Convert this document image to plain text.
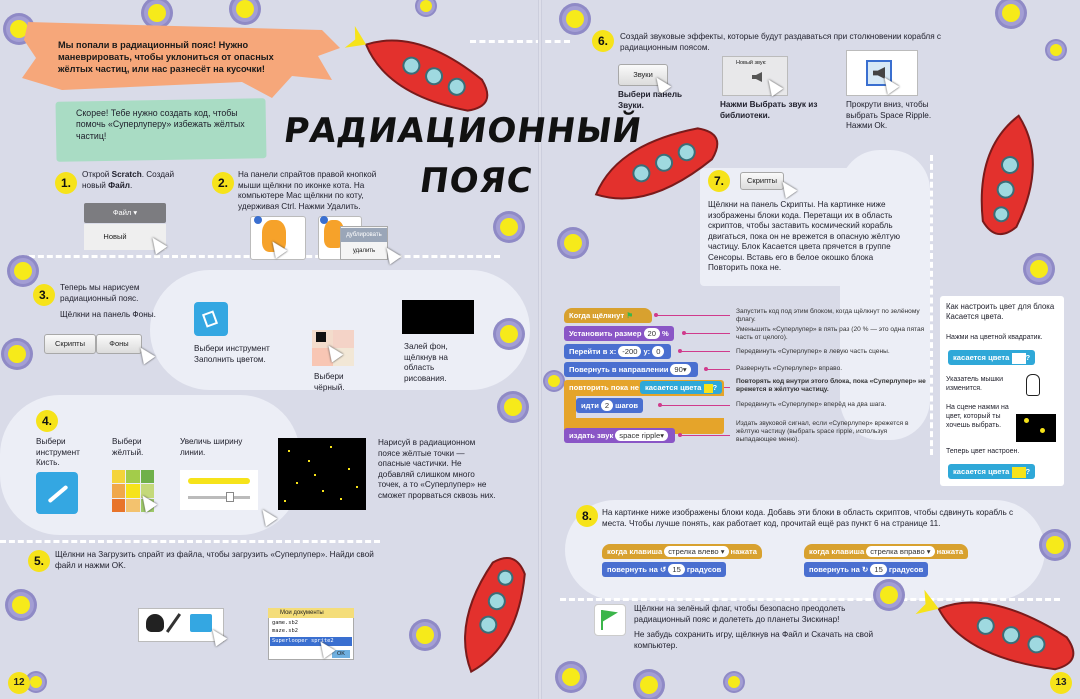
Мы попали в радиационный пояс! Нужно маневрировать, чтобы уклониться от опасных жёлтых частиц, или нас разнесёт на кусочки!
Скорее! Тебе нужно создать код, чтобы помочь «Суперлуперу» избежать жёлтых частиц!	РАДИАЦИОННЫЙ
ПОЯС
1.
Открой Scratch. Создай новый Файл.
Файл ▾
Новый
2.
На панели спрайтов правой кнопкой мыши щёлкни по иконке кота. На компьютере Mac щёлкни по коту, удерживая Ctrl. Нажми Удалить.
дублировать
удалить
3.
Теперь мы нарисуем радиационный пояс.
Щёлкни на панель Фоны.
Скрипты	Фоны
Выбери инструмент Заполнить цветом.
Выбери чёрный.
Залей фон, щёлкнув на область рисования.
4.
Выбери инструмент Кисть.
Выбери жёлтый.
Увеличь ширину линии.
Нарисуй в радиационном поясе жёлтые точки — опасные частички. Не добавляй слишком много точек, а то «Суперлупер» не сможет прорваться сквозь них.
5.	Щёлкни на Загрузить спрайт из файла, чтобы загрузить «Суперлупер». Найди свой файл и нажми OK.
Мои документы
game.sb2
maze.sb2
Superlooper sprite2
OK
12
6.	Создай звуковые эффекты, которые будут раздаваться при столкновении корабля с радиационным поясом.
Звуки
Выбери панель Звуки.
Новый звук:
Нажми Выбрать звук из библиотеки.
Прокрути вниз, чтобы выбрать Space Ripple. Нажми Ok.
7.	Скрипты
Щёлкни на панель Скрипты. На картинке ниже изображены блоки кода. Перетащи их в область скриптов, чтобы заставить космический корабль двигаться, пока он не врежется в опасную жёлтую частицу. Блок Касается цвета прячется в группе Сенсоры. Вставь его в белое окошко блока Повторить пока не.
Когда щёлкнут ⚑
Установить размер 20 %
Перейти в x: -200 y: 0
Повернуть в направлении 90▾
повторить пока не касается цвета ?
идти 2 шагов
издать звук space ripple▾
Запустить код под этим блоком, когда щёлкнут по зелёному флагу.
Уменьшить «Суперлупер» в пять раз (20 % — это одна пятая часть от целого).
Передвинуть «Суперлупер» в левую часть сцены.
Развернуть «Суперлупер» вправо.
Повторять код внутри этого блока, пока «Суперлупер» не врежется в жёлтую частицу.
Передвинуть «Суперлупер» вперёд на два шага.
Издать звуковой сигнал, если «Суперлупер» врежется в жёлтую частицу (выбрать space ripple, используя выпадающее меню).
Как настроить цвет для блока Касается цвета.
Нажми на цветной квадратик.
касается цвета ?
Указатель мышки изменится.
На сцене нажми на цвет, который ты хочешь выбрать.
Теперь цвет настроен.
касается цвета ?
8.	На картинке ниже изображены блоки кода. Добавь эти блоки в область скриптов, чтобы сдвинуть корабль с места. Чтобы лучше понять, как работает код, прочитай ещё раз пункт 6 на странице 11.
когда клавиша стрелка влево ▾ нажата
повернуть на ↺ 15 градусов
когда клавиша стрелка вправо ▾ нажата
повернуть на ↻ 15 градусов
Щёлкни на зелёный флаг, чтобы безопасно преодолеть радиационный пояс и долететь до планеты Зискинар!
Не забудь сохранить игру, щёлкнув на Файл и Скачать на свой компьютер.
13
